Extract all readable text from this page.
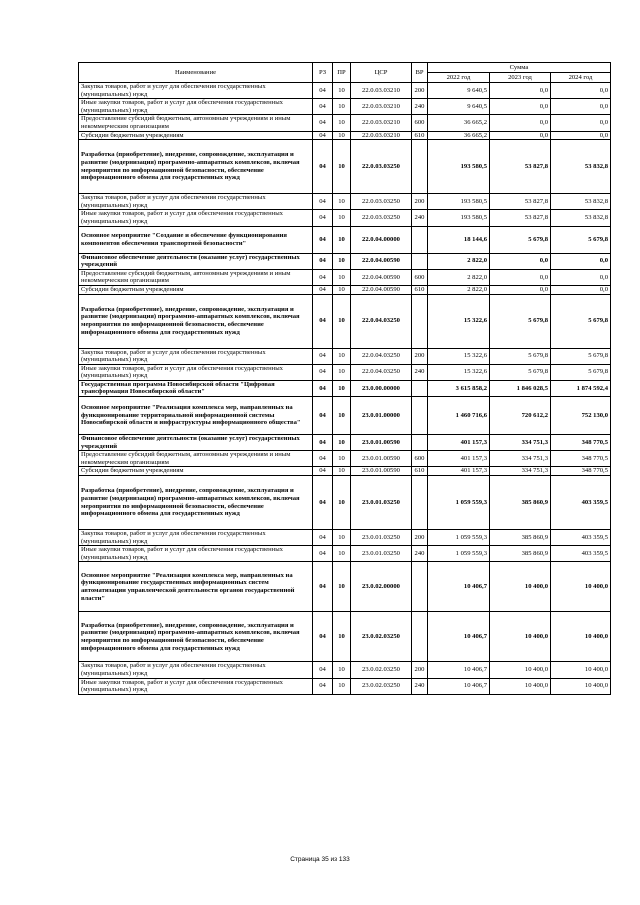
Наименование	РЗ	ПР	ЦСР	ВР	Сумма		
					2022 год	2023 год	2024 год
Закупка товаров, работ и услуг для обеспечения государственных (муниципальных) нужд	04	10	22.0.03.03210	200	9 640,5	0,0	0,0
Иные закупки товаров, работ и услуг для обеспечения государственных (муниципальных) нужд	04	10	22.0.03.03210	240	9 640,5	0,0	0,0
Предоставление субсидий бюджетным, автономным учреждениям и иным некоммерческим организациям	04	10	22.0.03.03210	600	36 665,2	0,0	0,0
Субсидии бюджетным учреждениям	04	10	22.0.03.03210	610	36 665,2	0,0	0,0
Разработка (приобретение), внедрение, сопровождение, эксплуатация и развитие (модернизация) программно-аппаратных комплексов, включая мероприятия по информационной безопасности, обеспечение информационного обмена для государственных нужд	04	10	22.0.03.03250		193 580,5	53 827,8	53 832,8
Закупка товаров, работ и услуг для обеспечения государственных (муниципальных) нужд	04	10	22.0.03.03250	200	193 580,5	53 827,8	53 832,8
Иные закупки товаров, работ и услуг для обеспечения государственных (муниципальных) нужд	04	10	22.0.03.03250	240	193 580,5	53 827,8	53 832,8
Основное мероприятие "Создание и обеспечение функционирования компонентов обеспечения транспортной безопасности"	04	10	22.0.04.00000		18 144,6	5 679,8	5 679,8
Финансовое обеспечение деятельности (оказание услуг) государственных учреждений	04	10	22.0.04.00590		2 822,0	0,0	0,0
Предоставление субсидий бюджетным, автономным учреждениям и иным некоммерческим организациям	04	10	22.0.04.00590	600	2 822,0	0,0	0,0
Субсидии бюджетным учреждениям	04	10	22.0.04.00590	610	2 822,0	0,0	0,0
Разработка (приобретение), внедрение, сопровождение, эксплуатация и развитие (модернизация) программно-аппаратных комплексов, включая мероприятия по информационной безопасности, обеспечение информационного обмена для государственных нужд	04	10	22.0.04.03250		15 322,6	5 679,8	5 679,8
Закупка товаров, работ и услуг для обеспечения государственных (муниципальных) нужд	04	10	22.0.04.03250	200	15 322,6	5 679,8	5 679,8
Иные закупки товаров, работ и услуг для обеспечения государственных (муниципальных) нужд	04	10	22.0.04.03250	240	15 322,6	5 679,8	5 679,8
Государственная программа Новосибирской области "Цифровая трансформация Новосибирской области"	04	10	23.0.00.00000		3 615 858,2	1 846 028,5	1 874 592,4
Основное мероприятие "Реализация комплекса мер, направленных на функционирование территориальной информационной системы Новосибирской области и инфраструктуры информационного общества"	04	10	23.0.01.00000		1 460 716,6	720 612,2	752 130,0
Финансовое обеспечение деятельности (оказание услуг) государственных учреждений	04	10	23.0.01.00590		401 157,3	334 751,3	348 770,5
Предоставление субсидий бюджетным, автономным учреждениям и иным некоммерческим организациям	04	10	23.0.01.00590	600	401 157,3	334 751,3	348 770,5
Субсидии бюджетным учреждениям	04	10	23.0.01.00590	610	401 157,3	334 751,3	348 770,5
Разработка (приобретение), внедрение, сопровождение, эксплуатация и развитие (модернизация) программно-аппаратных комплексов, включая мероприятия по информационной безопасности, обеспечение информационного обмена для государственных нужд	04	10	23.0.01.03250		1 059 559,3	385 860,9	403 359,5
Закупка товаров, работ и услуг для обеспечения государственных (муниципальных) нужд	04	10	23.0.01.03250	200	1 059 559,3	385 860,9	403 359,5
Иные закупки товаров, работ и услуг для обеспечения государственных (муниципальных) нужд	04	10	23.0.01.03250	240	1 059 559,3	385 860,9	403 359,5
Основное мероприятие "Реализация комплекса мер, направленных на функционирование государственных информационных систем автоматизации управленческой деятельности органов государственной власти"	04	10	23.0.02.00000		10 406,7	10 400,0	10 400,0
Разработка (приобретение), внедрение, сопровождение, эксплуатация и развитие (модернизация) программно-аппаратных комплексов, включая мероприятия по информационной безопасности, обеспечение информационного обмена для государственных нужд	04	10	23.0.02.03250		10 406,7	10 400,0	10 400,0
Закупка товаров, работ и услуг для обеспечения государственных (муниципальных) нужд	04	10	23.0.02.03250	200	10 406,7	10 400,0	10 400,0
Иные закупки товаров, работ и услуг для обеспечения государственных (муниципальных) нужд	04	10	23.0.02.03250	240	10 406,7	10 400,0	10 400,0
Страница 35 из 133
